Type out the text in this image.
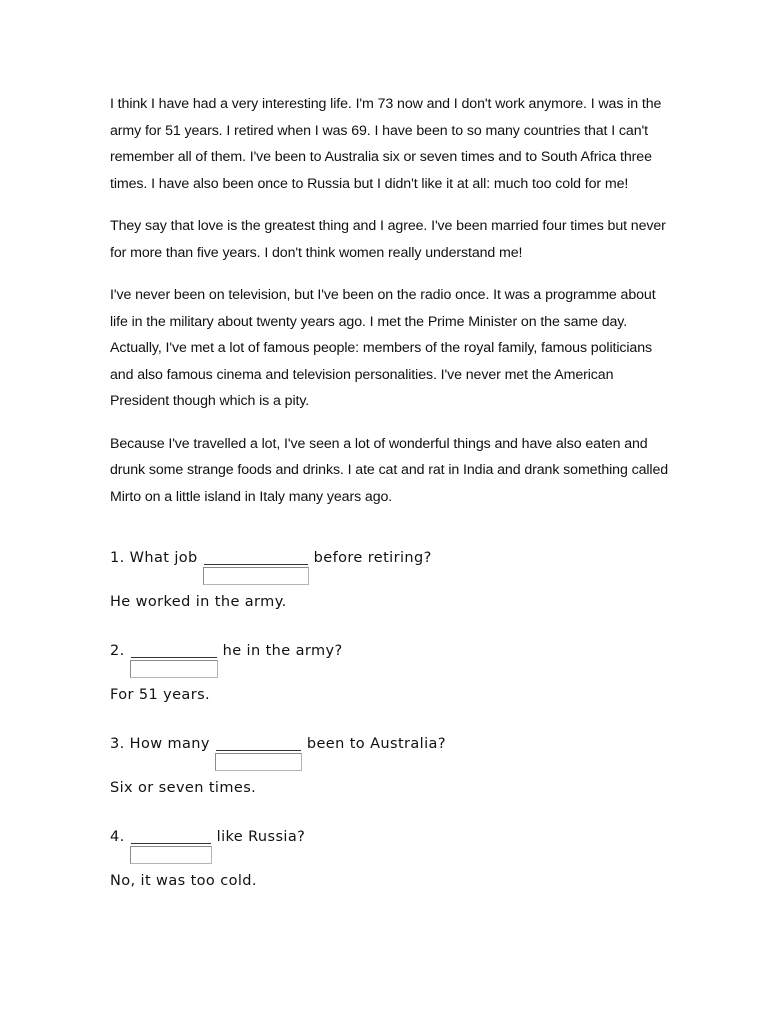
I think I have had a very interesting life. I'm 73 now and I don't work anymore. I was in the army for 51 years. I retired when I was 69. I have been to so many countries that I can't remember all of them. I've been to Australia six or seven times and to South Africa three times. I have also been once to Russia but I didn't like it at all: much too cold for me!

They say that love is the greatest thing and I agree. I've been married four times but never for more than five years. I don't think women really understand me!

I've never been on television, but I've been on the radio once. It was a programme about life in the military about twenty years ago. I met the Prime Minister on the same day. Actually, I've met a lot of famous people: members of the royal family, famous politicians and also famous cinema and television personalities. I've never met the American President though which is a pity.

Because I've travelled a lot, I've seen a lot of wonderful things and have also eaten and drunk some strange foods and drinks. I ate cat and rat in India and drank something called Mirto on a little island in Italy many years ago.

1. What job	before retiring?
He worked in the army.
2.	he in the army?
For 51 years.
3. How many	been to Australia?
Six or seven times.
4.	like Russia?
No, it was too cold.
